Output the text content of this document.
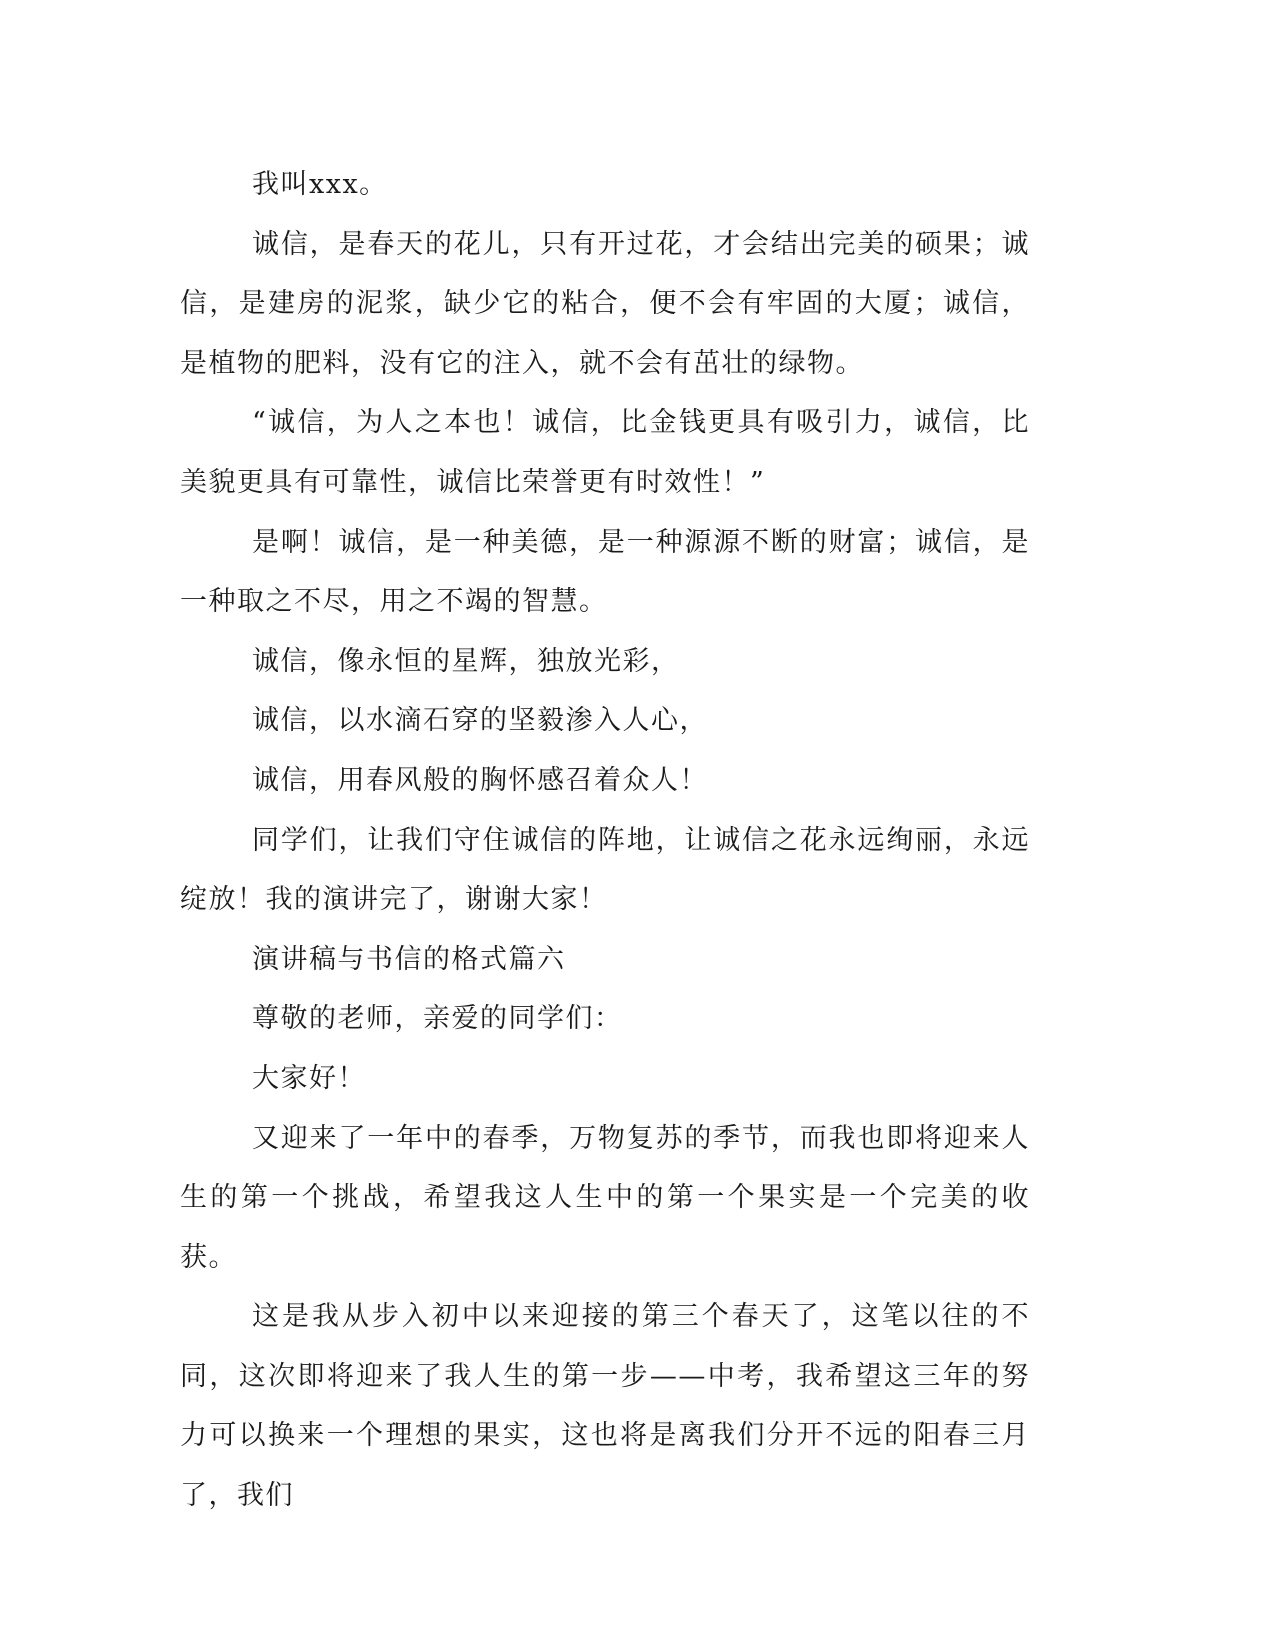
我叫xxx。

诚信，是春天的花儿，只有开过花，才会结出完美的硕果；诚信，是建房的泥浆，缺少它的粘合，便不会有牢固的大厦；诚信，是植物的肥料，没有它的注入，就不会有茁壮的绿物。

“诚信，为人之本也！诚信，比金钱更具有吸引力，诚信，比美貌更具有可靠性，诚信比荣誉更有时效性！”

是啊！诚信，是一种美德，是一种源源不断的财富；诚信，是一种取之不尽，用之不竭的智慧。

诚信，像永恒的星辉，独放光彩，

诚信，以水滴石穿的坚毅渗入人心，

诚信，用春风般的胸怀感召着众人！

同学们，让我们守住诚信的阵地，让诚信之花永远绚丽，永远绽放！我的演讲完了，谢谢大家！

演讲稿与书信的格式篇六

尊敬的老师，亲爱的同学们：

大家好！

又迎来了一年中的春季，万物复苏的季节，而我也即将迎来人生的第一个挑战，希望我这人生中的第一个果实是一个完美的收获。

这是我从步入初中以来迎接的第三个春天了，这笔以往的不同，这次即将迎来了我人生的第一步——中考，我希望这三年的努力可以换来一个理想的果实，这也将是离我们分开不远的阳春三月了，我们
